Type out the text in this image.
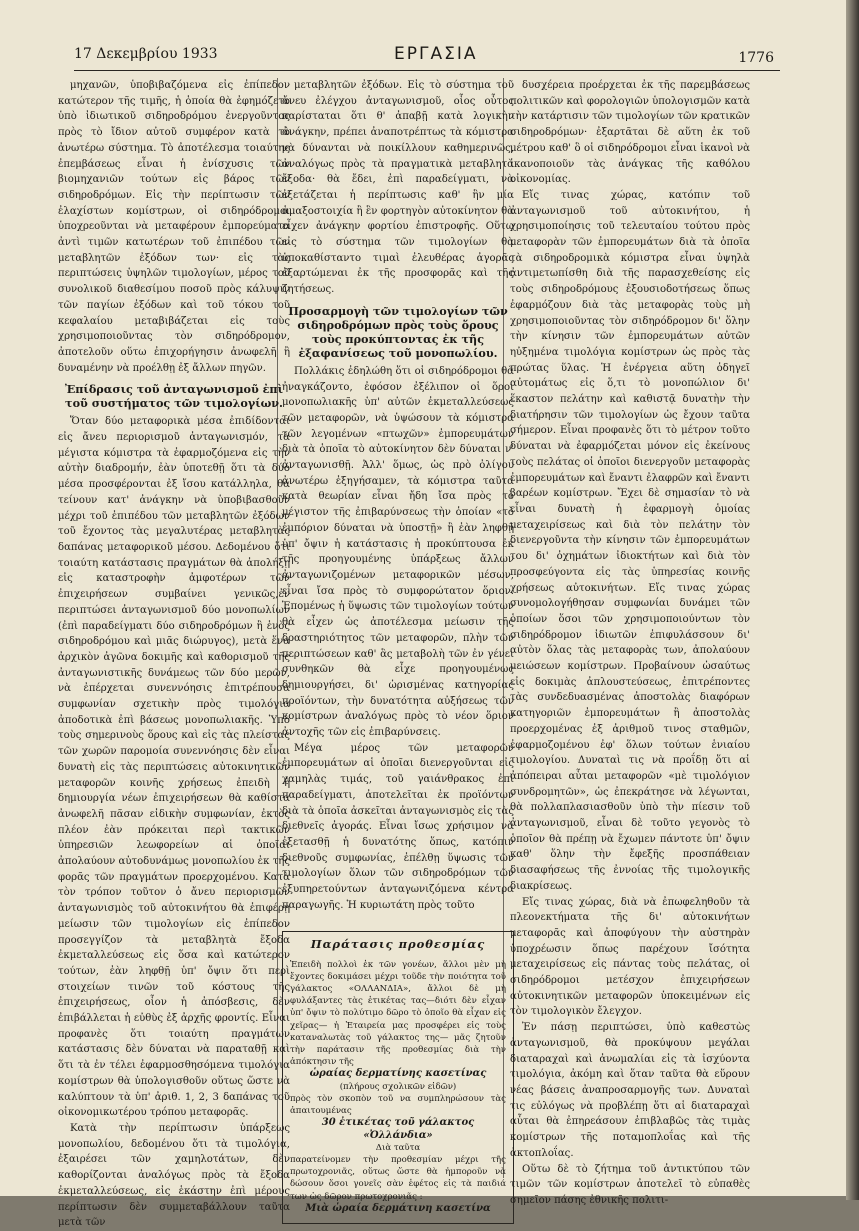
17 Δεκεμβρίου 1933	ΕΡΓΑΣΙΑ	1776

μηχανῶν, ὑποβιβαζόμενα εἰς ἐπίπεδον κατώτερον τῆς τιμῆς, ἡ ὁποία θὰ ἐφημόζετο ὑπὸ ἰδιωτικοῦ σιδηροδρόμου ἐνεργοῦντος πρὸς τὸ ἴδιον αὐτοῦ συμφέρον κατὰ τὸ ἀνωτέρω σύστημα. Τὸ ἀποτέλεσμα τοιαύτης ἐπεμβάσεως εἶναι ἡ ἐνίσχυσις τῶν βιομηχανιῶν τούτων εἰς βάρος τῶν σιδηροδρόμων. Εἰς τὴν περίπτωσιν τῶν ἐλαχίστων κομίστρων, οἱ σιδηρόδρομοι ὑποχρεοῦνται νὰ μεταφέρουν ἐμπορεύματα ἀντὶ τιμῶν κατωτέρων τοῦ ἐπιπέδου τῶν μεταβλητῶν ἐξόδων των· εἰς τὰς περιπτώσεις ὑψηλῶν τιμολογίων, μέρος τοῦ συνολικοῦ διαθεσίμου ποσοῦ πρὸς κάλυψιν τῶν παγίων ἐξόδων καὶ τοῦ τόκου τοῦ κεφαλαίου μεταβιβάζεται εἰς τοὺς χρησιμοποιοῦντας τὸν σιδηρόδρομον, ἀποτελοῦν οὕτω ἐπιχορήγησιν ἀνωφελῆ ἢ δυναμένην νὰ προέλθῃ ἐξ ἄλλων πηγῶν.

Ἐπίδρασις τοῦ ἀνταγωνισμοῦ ἐπὶ τοῦ συστήματος τῶν τιμολογίων.

Ὅταν δύο μεταφορικὰ μέσα ἐπιδίδονται εἰς ἄνευ περιορισμοῦ ἀνταγωνισμόν, τὰ μέγιστα κόμιστρα τὰ ἐφαρμοζόμενα εἰς τὴν αὐτὴν διαδρομήν, ἐὰν ὑποτεθῇ ὅτι τὰ δύο μέσα προσφέρονται ἐξ ἴσου κατάλληλα, θὰ τείνουν κατ' ἀνάγκην νὰ ὑποβιβασθοῦν μέχρι τοῦ ἐπιπέδου τῶν μεταβλητῶν ἐξόδων τοῦ ἔχοντος τὰς μεγαλυτέρας μεταβλητὰς δαπάνας μεταφορικοῦ μέσου. Δεδομένου ὅτι τοιαύτη κατάστασις πραγμάτων θὰ ἀπολήξῃ εἰς καταστροφὴν ἀμφοτέρων τῶν ἐπιχειρήσεων συμβαίνει γενικῶς,ἐν περιπτώσει ἀνταγωνισμοῦ δύο μονοπωλίων (ἐπὶ παραδείγματι δύο σιδηροδρόμων ἢ ἑνὸς σιδηροδρόμου καὶ μιᾶς διώρυγος), μετὰ ἕνα ἀρχικὸν ἀγῶνα δοκιμῆς καὶ καθορισμοῦ τῆς ἀνταγωνιστικῆς δυνάμεως τῶν δύο μερῶν, νὰ ἐπέρχεται συνεννόησις ἐπιτρέπουσα συμφωνίαν σχετικὴν πρὸς τιμολόγια ἀποδοτικὰ ἐπὶ βάσεως μονοπωλιακῆς. Ὑπὸ τοὺς σημερινοὺς ὅρους καὶ εἰς τὰς πλείστας τῶν χωρῶν παρομοία συνεννόησις δὲν εἶναι δυνατὴ εἰς τὰς περιπτώσεις αὐτοκινητικῶν μεταφορῶν κοινῆς χρήσεως ἐπειδὴ ἡ δημιουργία νέων ἐπιχειρήσεων θὰ καθίστα ἀνωφελῆ πᾶσαν εἰδικὴν συμφωνίαν, ἐκτὸς πλέον ἐὰν πρόκειται περὶ τακτικῶν ὑπηρεσιῶν λεωφορείων αἱ ὁποῖαι ἀπολαύουν αὐτοδυνάμως μονοπωλίου ἐκ τῆς φορᾶς τῶν πραγμάτων προερχομένου. Κατὰ τὸν τρόπον τοῦτον ὁ ἄνευ περιορισμῶν ἀνταγωνισμὸς τοῦ αὐτοκινήτου θὰ ἐπιφέρῃ μείωσιν τῶν τιμολογίων εἰς ἐπίπεδον προσεγγίζον τὰ μεταβλητὰ ἔξοδα ἐκμεταλλεύσεως εἰς ὅσα καὶ κατώτερον τούτων, ἐὰν ληφθῇ ὑπ' ὄψιν ὅτι περὶ στοιχείων τινῶν τοῦ κόστους τῆς ἐπιχειρήσεως, οἷον ἡ ἀπόσβεσις, δὲν ἐπιβάλλεται ἡ εὐθὺς ἐξ ἀρχῆς φροντίς. Εἶναι προφανὲς ὅτι τοιαύτη πραγμάτων κατάστασις δὲν δύναται νὰ παραταθῇ καὶ ὅτι τὰ ἐν τέλει ἐφαρμοσθησόμενα τιμολόγια κομίστρων θὰ ὑπολογισθοῦν οὕτως ὥστε νὰ καλύπτουν τὰ ὑπ' ἀριθ. 1, 2, 3 δαπάνας τοῦ οἰκονομικωτέρου τρόπου μεταφορᾶς.

Κατὰ τὴν περίπτωσιν ὑπάρξεως μονοπωλίου, δεδομένου ὅτι τὰ τιμολόγια, ἐξαιρέσει τῶν χαμηλοτάτων, δὲν καθορίζονται ἀναλόγως πρὸς τὰ ἔξοδα ἐκμεταλλεύσεως, εἰς ἑκάστην ἐπὶ μέρους περίπτωσιν δὲν συμμεταβάλλουν ταῦτα μετὰ τῶν

μεταβλητῶν ἐξόδων. Εἰς τὸ σύστημα τοῦ ἄνευ ἐλέγχου ἀνταγωνισμοῦ, οἷος οὗτος παρίσταται ὅτι θ' ἀπαβῇ κατὰ λογικὴν ἀνάγκην, πρέπει ἀναποτρέπτως τὰ κόμιστρα νὰ δύνανται νὰ ποικίλλουν καθημερινῶς, ἀναλόγως πρὸς τὰ πραγματικὰ μεταβλητὰ ἔξοδα· θὰ ἔδει, ἐπὶ παραδείγματι, νὰ ἐξετάζεται ἡ περίπτωσις καθ' ἣν μία ἁμαξοστοιχία ἢ ἓν φορτηγὸν αὐτοκίνητον θὰ εἶχεν ἀνάγκην φορτίου ἐπιστροφῆς. Οὕτω εἰς τὸ σύστημα τῶν τιμολογίων θὰ ὑποκαθίσταντο τιμαὶ ἐλευθέρας ἀγορᾶς ἐξαρτώμεναι ἐκ τῆς προσφορᾶς καὶ τῆς ζητήσεως.

Προσαρμογὴ τῶν τιμολογίων τῶν σιδηροδρόμων πρὸς τοὺς ὅρους τοὺς προκύπτοντας ἐκ τῆς ἐξαφανίσεως τοῦ μονοπωλίου.

Πολλάκις ἐδηλώθη ὅτι οἱ σιδηρόδρομοι θὰ ἠναγκάζοντο, ἐφόσον ἐξέλιπον οἱ ὅροι μονοπωλιακῆς ὑπ' αὐτῶν ἐκμεταλλεύσεως τῶν μεταφορῶν, νὰ ὑψώσουν τὰ κόμιστρα τῶν λεγομένων «πτωχῶν» ἐμπορευμάτων διὰ τὰ ὁποῖα τὸ αὐτοκίνητον δὲν δύναται ν' ἀνταγωνισθῇ. Ἀλλ' ὅμως, ὡς πρὸ ὀλίγου ἀνωτέρω ἐξηγήσαμεν, τὰ κόμιστρα ταῦτα κατὰ θεωρίαν εἶναι ἤδη ἴσα πρὸς τὸ μέγιστον τῆς ἐπιβαρύνσεως τὴν ὁποίαν «τὸ ἐμπόριον δύναται νὰ ὑποστῇ» ἢ ἐὰν ληφθῇ ὑπ' ὄψιν ἡ κατάστασις ἡ προκύπτουσα ἐκ τῆς προηγουμένης ὑπάρξεως ἄλλων ἀνταγωνιζομένων μεταφορικῶν μέσων, εἶναι ἴσα πρὸς τὸ συμφορώτατον ὅριον. Ἑπομένως ἡ ὕψωσις τῶν τιμολογίων τούτων θὰ εἶχεν ὡς ἀποτέλεσμα μείωσιν τῆς δραστηριότητος τῶν μεταφορῶν, πλὴν τῶν περιπτώσεων καθ' ἃς μεταβολὴ τῶν ἐν γένει συνθηκῶν θὰ εἶχε προηγουμένως δημιουργήσει, δι' ὡρισμένας κατηγορίας προϊόντων, τὴν δυνατότητα αὐξήσεως τῶν κομίστρων ἀναλόγως πρὸς τὸ νέον ὅριον ἀντοχῆς τῶν εἰς ἐπιβαρύνσεις.

Μέγα μέρος τῶν μεταφορῶν ἐμπορευμάτων αἱ ὁποῖαι διενεργοῦνται εἰς χαμηλὰς τιμάς, τοῦ γαιάνθρακος ἐπὶ παραδείγματι, ἀποτελεῖται ἐκ προϊόντων διὰ τὰ ὁποῖα ἀσκεῖται ἀνταγωνισμὸς εἰς τὰς διεθνεῖς ἀγοράς. Εἶναι ἴσως χρήσιμον νὰ ἐξετασθῇ ἡ δυνατότης ὅπως, κατόπιν διεθνοῦς συμφωνίας, ἐπέλθῃ ὕψωσις τῶν τιμολογίων ὅλων τῶν σιδηροδρόμων τῶν ἐξυπηρετούντων ἀνταγωνιζόμενα κέντρα παραγωγῆς. Ἡ κυριωτάτη πρὸς τοῦτο

Παράτασις προθεσμίας

Ἐπειδὴ πολλοὶ ἐκ τῶν γονέων, ἄλλοι μὲν μὴ ἔχοντες δοκιμάσει μέχρι τοῦδε τὴν ποιότητα τοῦ γάλακτος «ΟΛΛΑΝΔΙΑ», ἄλλοι δὲ μὴ φυλάξαντες τὰς ἐτικέτας τας—διότι δὲν εἶχαν ὑπ' ὄψιν τὸ πολύτιμο δῶρο τὸ ὁποῖο θὰ εἶχαν εἰς χεῖρας— ἡ Ἑταιρεία μας προσφέρει εἰς τοὺς καταναλωτὰς τοῦ γάλακτος της— μᾶς ζητοῦν τὴν παράτασιν τῆς προθεσμίας διὰ τὴν ἀπόκτησιν τῆς

ὡραίας δερματίνης κασετίνας
(πλήρους σχολικῶν εἰδῶν)

πρὸς τὸν σκοπὸν τοῦ να συμπληρώσουν τὰς ἀπαιτουμένας

30 ἐτικέτας τοῦ γάλακτος «Ὀλλάνδια»
Διὰ ταῦτα

παρατείνομεν τὴν προθεσμίαν μέχρι τῆς πρωτοχρονιᾶς, οὕτως ὥστε θὰ ἠμποροῦν νὰ δώσουν ὅσοι γονεῖς σὰν ἑφέτος εἰς τὰ παιδιά των ὡς δῶρον πρωτοχρονιᾶς :

Μιὰ ὡραία δερμάτινη κασετίνα

δυσχέρεια προέρχεται ἐκ τῆς παρεμβάσεως πολιτικῶν καὶ φορολογιῶν ὑπολογισμῶν κατὰ τὴν κατάρτισιν τῶν τιμολογίων τῶν κρατικῶν σιδηροδρόμων· ἐξαρτᾶται δὲ αὕτη ἐκ τοῦ μέτρου καθ' ὃ οἱ σιδηρόδρομοι εἶναι ἱκανοὶ νὰ ἱκανοποιοῦν τὰς ἀνάγκας τῆς καθόλου οἰκονομίας.

Εἴς τινας χώρας, κατόπιν τοῦ ἀνταγωνισμοῦ τοῦ αὐτοκινήτου, ἡ χρησιμοποίησις τοῦ τελευταίου τούτου πρὸς μεταφορὰν τῶν ἐμπορευμάτων διὰ τὰ ὁποῖα τὰ σιδηροδρομικὰ κόμιστρα εἶναι ὑψηλὰ ἀντιμετωπίσθη διὰ τῆς παρασχεθείσης εἰς τοὺς σιδηροδρόμους ἐξουσιοδοτήσεως ὅπως ἐφαρμόζουν διὰ τὰς μεταφορὰς τοὺς μὴ χρησιμοποιοῦντας τὸν σιδηρόδρομον δι' ὅλην τὴν κίνησιν τῶν ἐμπορευμάτων αὐτῶν ηὐξημένα τιμολόγια κομίστρων ὡς πρὸς τὰς πρώτας ὕλας. Ἡ ἐνέργεια αὕτη ὁδηγεῖ αὐτομάτως εἰς ὅ,τι τὸ μονοπώλιον δι' ἕκαστον πελάτην καὶ καθιστᾷ δυνατὴν τὴν διατήρησιν τῶν τιμολογίων ὡς ἔχουν ταῦτα σήμερον. Εἶναι προφανὲς ὅτι τὸ μέτρον τοῦτο δύναται νὰ ἐφαρμόζεται μόνον εἰς ἐκείνους τοὺς πελάτας οἱ ὁποῖοι διενεργοῦν μεταφορὰς ἐμπορευμάτων καὶ ἔναντι ἐλαφρῶν καὶ ἔναντι βαρέων κομίστρων. Ἔχει δὲ σημασίαν τὸ νὰ εἶναι δυνατὴ ἡ ἐφαρμογὴ ὁμοίας μεταχειρίσεως καὶ διὰ τὸν πελάτην τὸν διενεργοῦντα τὴν κίνησιν τῶν ἐμπορευμάτων του δι' ὀχημάτων ἰδιοκτήτων καὶ διὰ τὸν προσφεύγοντα εἰς τὰς ὑπηρεσίας κοινῆς χρήσεως αὐτοκινήτων. Εἴς τινας χώρας συνομολογήθησαν συμφωνίαι δυνάμει τῶν ὁποίων ὅσοι τῶν χρησιμοποιούντων τὸν σιδηρόδρομον ἰδιωτῶν ἐπιφυλάσσουν δι' αὐτὸν ὅλας τὰς μεταφορὰς των, ἀπολαύουν μειώσεων κομίστρων. Προβαίνουν ὡσαύτως εἰς δοκιμὰς ἀπλουστεύσεως, ἐπιτρέποντες τὰς συνδεδυασμένας ἀποστολὰς διαφόρων κατηγοριῶν ἐμπορευμάτων ἢ ἀποστολὰς προερχομένας ἐξ ἀριθμοῦ τινος σταθμῶν, ἐφαρμοζομένου ἐφ' ὅλων τούτων ἑνιαίου τιμολογίου. Δυναταὶ τις νὰ προΐδῃ ὅτι αἱ ἀπόπειραι αὗται μεταφορῶν «μὲ τιμολόγιον συνδρομητῶν», ὡς ἐπεκράτησε νὰ λέγωνται, θὰ πολλαπλασιασθοῦν ὑπὸ τὴν πίεσιν τοῦ ἀνταγωνισμοῦ, εἶναι δὲ τοῦτο γεγονὸς τὸ ὁποῖον θὰ πρέπῃ νὰ ἔχωμεν πάντοτε ὑπ' ὄψιν καθ' ὅλην τὴν ἔφεξῆς προσπάθειαν διασαφήσεως τῆς ἐννοίας τῆς τιμολογικῆς διακρίσεως.

Εἴς τινας χώρας, διὰ νὰ ἐπωφεληθοῦν τὰ πλεονεκτήματα τῆς δι' αὐτοκινήτων μεταφορᾶς καὶ ἀποφύγουν τὴν αὐστηρὰν ὑποχρέωσιν ὅπως παρέχουν ἴσότητα μεταχειρίσεως εἰς πάντας τοὺς πελάτας, οἱ σιδηρόδρομοι μετέσχον ἐπιχειρήσεων αὐτοκινητικῶν μεταφορῶν ὑποκειμένων εἰς τὸν τιμολογικὸν ἔλεγχον.

Ἐν πάσῃ περιπτώσει, ὑπὸ καθεστὼς ἀνταγωνισμοῦ, θὰ προκύψουν μεγάλαι διαταραχαὶ καὶ ἀνωμαλίαι εἰς τὰ ἰσχύοντα τιμολόγια, ἀκόμη καὶ ὅταν ταῦτα θὰ εὕρουν νέας βάσεις ἀναπροσαρμογῆς των. Δυναταὶ τις εὐλόγως νὰ προβλέπῃ ὅτι αἱ διαταραχαὶ αὗται θὰ ἐπηρεάσουν ἐπιβλαβῶς τὰς τιμὰς κομίστρων τῆς ποταμοπλοΐας καὶ τῆς ἀκτοπλοΐας.

Οὕτω δὲ τὸ ζήτημα τοῦ ἀντικτύπου τῶν τιμῶν τῶν κομίστρων ἀποτελεῖ τὸ εὐπαθὲς σημεῖον πάσης ἐθνικῆς πολιτι-
